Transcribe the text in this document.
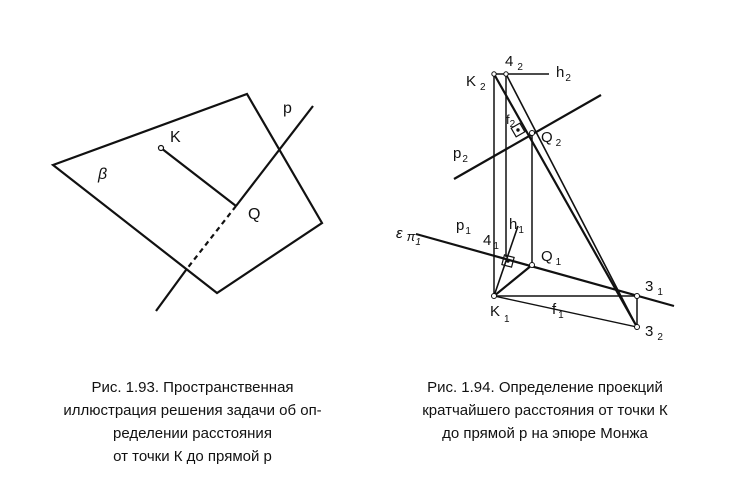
β
p
K
Q
K $_2$
4 $_2$ $h_2$
$f_2$
Q $_2$
$p_2$
ε $\pi_1$
$p_1$	$h_1$
4 $_1$
Q $_1$
3 $_1$
K $_1$
f $_1$
3 $_2$
Рис. 1.93. Пространственная
иллюстрация решения задачи об оп-
ределении расстояния
от точки К до прямой р
Рис. 1.94. Определение проекций
кратчайшего расстояния от точки К
до прямой р на эпюре Монжа
